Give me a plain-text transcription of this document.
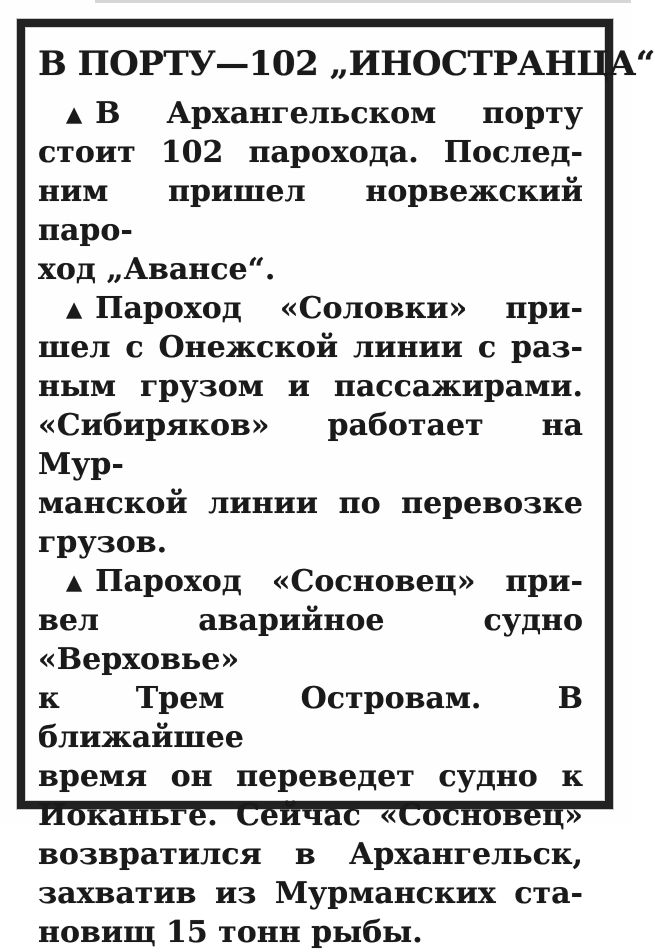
В ПОРТУ—102 „ИНОСТРАНЦА“
▲ В Архангельском порту
стоит 102 парохода. Послед-
ним пришел норвежский паро-
ход „Авансе“.
▲ Пароход «Соловки» при-
шел с Онежской линии с раз-
ным грузом и пассажирами.
«Сибиряков» работает на Мур-
манской линии по перевозке
грузов.
▲ Пароход «Сосновец» при-
вел аварийное судно «Верховье»
к Трем Островам. В ближайшее
время он переведет судно к
Иоканьге. Сейчас «Сосновец»
возвратился в Архангельск,
захватив из Мурманских ста-
новищ 15 тонн рыбы.
